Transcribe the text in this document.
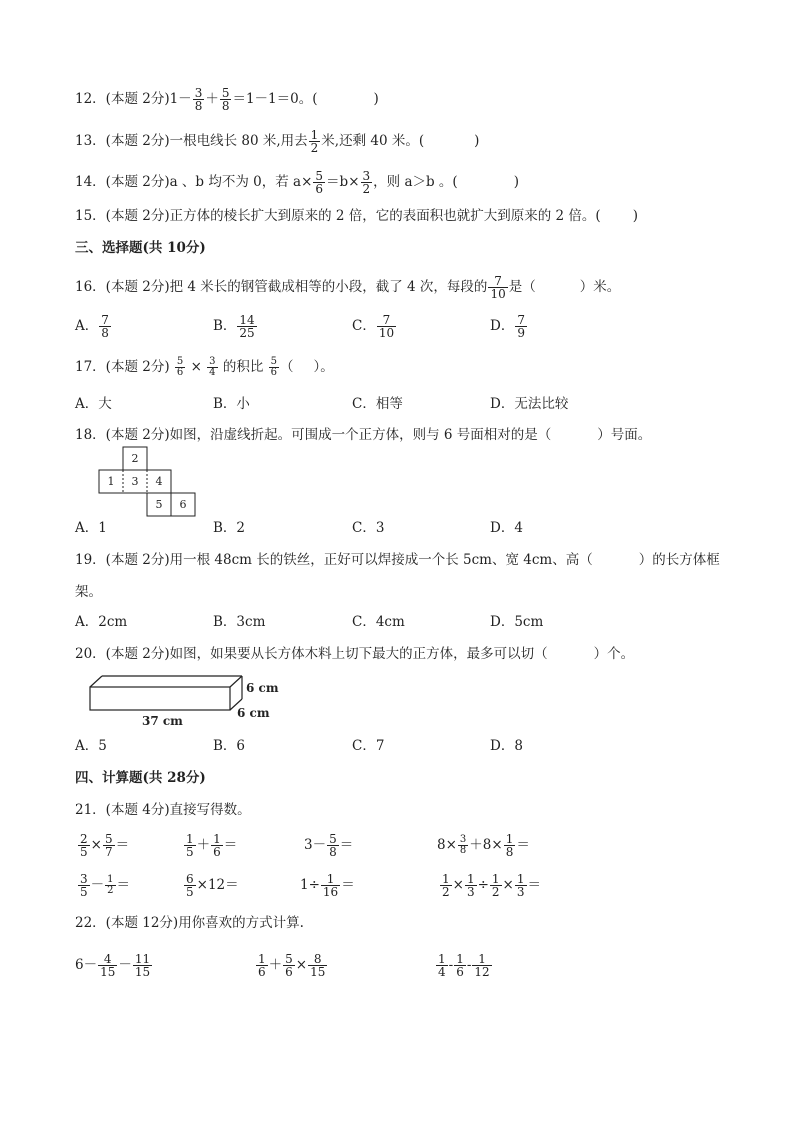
12．(本题 2分)$1- \frac{3}{8} + \frac{5}{8} =1-1=0$。(	)
13．(本题 2分)一根电线长 80 米,用去 $\frac{1}{2}$ 米,还剩 40 米。(	)
14．(本题 2分)a 、b 均不为 0，若 $a\times \frac{5}{6} =b\times \frac{3}{2}$ ，则 a＞b 。(	)
15．(本题 2分)正方体的棱长扩大到原来的 2 倍，它的表面积也就扩大到原来的 2 倍。( )
三、选择题(共 10分)
16．(本题 2分)把 4 米长的钢管截成相等的小段，截了 4 次，每段的 $\frac{7}{10}$ 是（	）米。
A． $\frac{7}{8}$	B． $\frac{14}{25}$	C． $\frac{7}{10}$	D． $\frac{7}{9}$
17．(本题 2分) $\frac{5}{6} \times \frac{3}{4}$ 的积比 $\frac{5}{6}$ （ ）。
A．大	B．小	C．相等	D．无法比较
18．(本题 2分)如图，沿虚线折起。可围成一个正方体，则与 6 号面相对的是（	）号面。
1
2
3 4
5 6
A．1	B．2	C．3	D．4
19．(本题 2分)用一根 48cm 长的铁丝，正好可以焊接成一个长 5cm、宽 4cm、高（	）的长方体框
架。
A．2cm	B．3cm	C．4cm	D．5cm
20．(本题 2分)如图，如果要从长方体木料上切下最大的正方体，最多可以切（	）个。
6 cm
6 cm
37 cm
A．5	B．6	C．7	D．8
四、计算题(共 28分)
21．(本题 4分)直接写得数。
$\frac{2}{5} \times \frac{5}{7}$ ＝	$\frac{1}{5} + \frac{1}{6}$ ＝	$3- \frac{5}{8}$ ＝	$8\times \frac{3}{8} +8\times \frac{1}{8}$ ＝
$\frac{3}{5} - \frac{1}{2}$ ＝	$\frac{6}{5} \times 12=$	$1\div \frac{1}{16}$ ＝	$\frac{1}{2} \times \frac{1}{3} \div \frac{1}{2} \times \frac{1}{3}$ ＝
22．(本题 12分)用你喜欢的方式计算.
$6- \frac{4}{15} - \frac{11}{15}$	$\frac{1}{6} + \frac{5}{6} \times \frac{8}{15}$	$\frac{1}{4} - \frac{1}{6} - \frac{1}{12}$
